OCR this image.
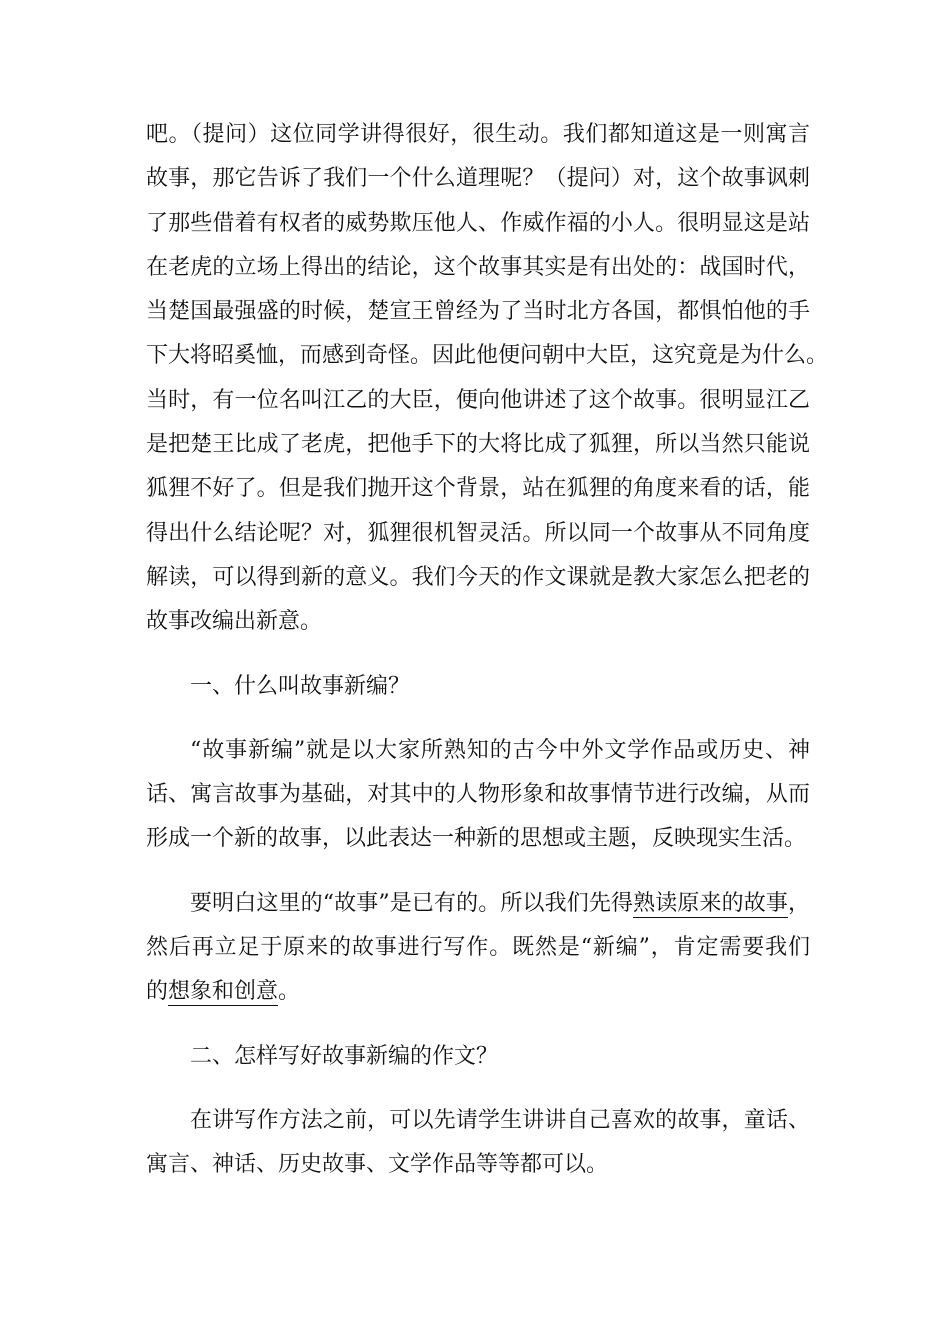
吧。（提问）这位同学讲得很好，很生动。我们都知道这是一则寓言
故事，那它告诉了我们一个什么道理呢？（提问）对，这个故事讽刺
了那些借着有权者的威势欺压他人、作威作福的小人。很明显这是站
在老虎的立场上得出的结论，这个故事其实是有出处的：战国时代，
当楚国最强盛的时候，楚宣王曾经为了当时北方各国，都惧怕他的手
下大将昭奚恤，而感到奇怪。因此他便问朝中大臣，这究竟是为什么。
当时，有一位名叫江乙的大臣，便向他讲述了这个故事。很明显江乙
是把楚王比成了老虎，把他手下的大将比成了狐狸，所以当然只能说
狐狸不好了。但是我们抛开这个背景，站在狐狸的角度来看的话，能
得出什么结论呢？对，狐狸很机智灵活。所以同一个故事从不同角度
解读，可以得到新的意义。我们今天的作文课就是教大家怎么把老的
故事改编出新意。
一、什么叫故事新编？
“故事新编”就是以大家所熟知的古今中外文学作品或历史、神
话、寓言故事为基础，对其中的人物形象和故事情节进行改编，从而
形成一个新的故事，以此表达一种新的思想或主题，反映现实生活。
要明白这里的“故事”是已有的。所以我们先得熟读原来的故事，
然后再立足于原来的故事进行写作。既然是“新编”，肯定需要我们
的想象和创意。
二、怎样写好故事新编的作文？
在讲写作方法之前，可以先请学生讲讲自己喜欢的故事，童话、
寓言、神话、历史故事、文学作品等等都可以。
